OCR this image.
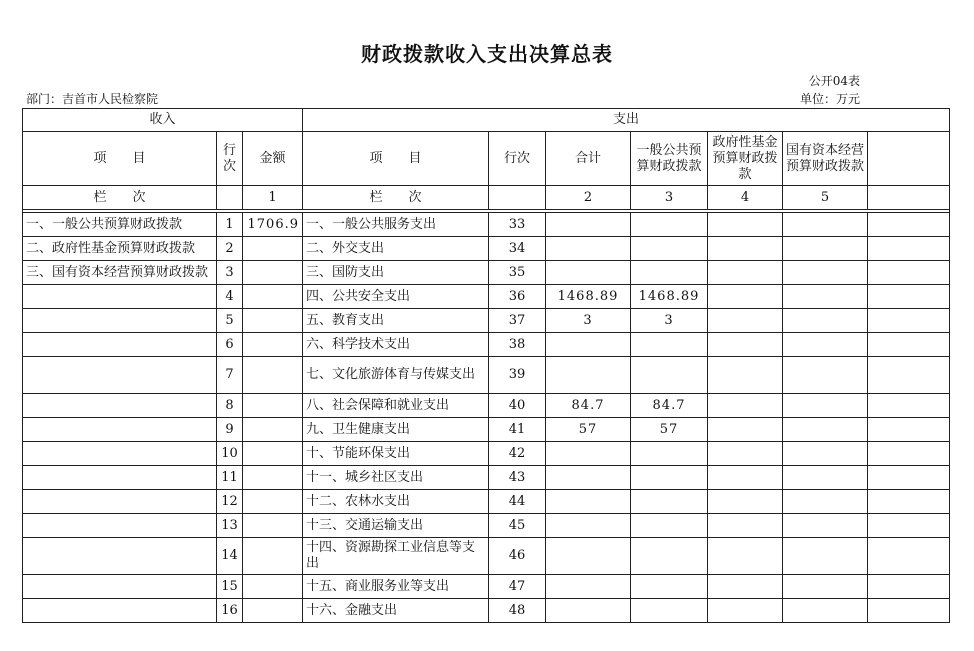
财政拨款收入支出决算总表
公开04表
部门：吉首市人民检察院	单位：万元
收入			支出						
项　　目	行次	金额	项　　目	行次	合计	一般公共预算财政拨款	政府性基金预算财政拨款	国有资本经营预算财政拨款	
栏　　次		1	栏　　次		2	3	4	5	

一、一般公共预算财政拨款	1	1706.9	一、一般公共服务支出	33					
二、政府性基金预算财政拨款	2		二、外交支出	34					
三、国有资本经营预算财政拨款	3		三、国防支出	35					
	4		四、公共安全支出	36	1468.89	1468.89			
	5		五、教育支出	37	3	3			
	6		六、科学技术支出	38					
	7		七、文化旅游体育与传媒支出	39					
	8		八、社会保障和就业支出	40	84.7	84.7			
	9		九、卫生健康支出	41	57	57			
	10		十、节能环保支出	42					
	11		十一、城乡社区支出	43					
	12		十二、农林水支出	44					
	13		十三、交通运输支出	45					
	14		十四、资源勘探工业信息等支出	46					
	15		十五、商业服务业等支出	47					
	16		十六、金融支出	48					
